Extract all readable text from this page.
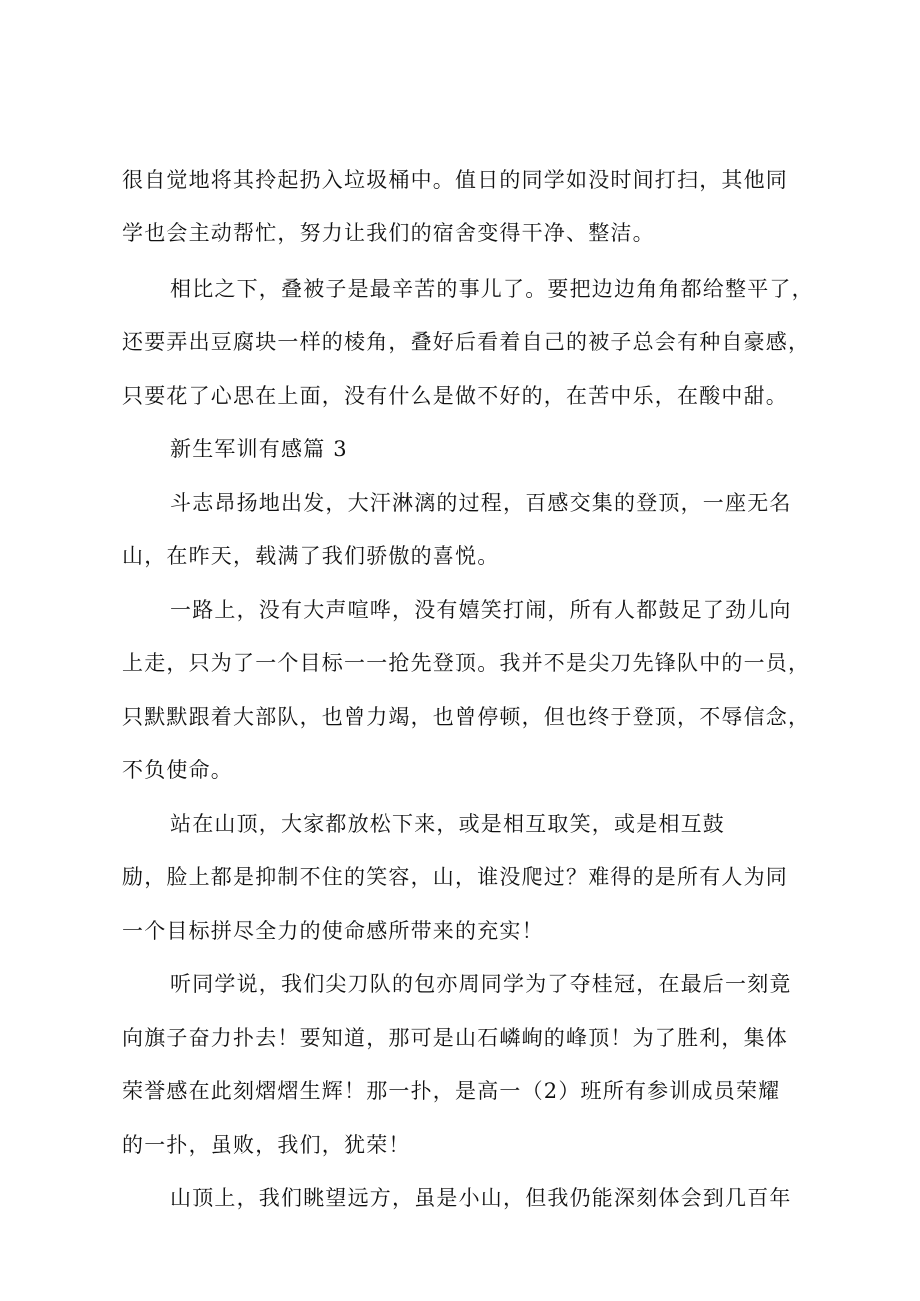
很自觉地将其拎起扔入垃圾桶中。值日的同学如没时间打扫，其他同
学也会主动帮忙，努力让我们的宿舍变得干净、整洁。
相比之下，叠被子是最辛苦的事儿了。要把边边角角都给整平了，
还要弄出豆腐块一样的棱角，叠好后看着自己的被子总会有种自豪感，
只要花了心思在上面，没有什么是做不好的，在苦中乐，在酸中甜。
新生军训有感篇 3
斗志昂扬地出发，大汗淋漓的过程，百感交集的登顶，一座无名
山，在昨天，载满了我们骄傲的喜悦。
一路上，没有大声喧哗，没有嬉笑打闹，所有人都鼓足了劲儿向
上走，只为了一个目标一一抢先登顶。我并不是尖刀先锋队中的一员，
只默默跟着大部队，也曾力竭，也曾停顿，但也终于登顶，不辱信念，
不负使命。
站在山顶，大家都放松下来，或是相互取笑，或是相互鼓
励，脸上都是抑制不住的笑容，山，谁没爬过？难得的是所有人为同
一个目标拼尽全力的使命感所带来的充实！
听同学说，我们尖刀队的包亦周同学为了夺桂冠，在最后一刻竟
向旗子奋力扑去！要知道，那可是山石嶙峋的峰顶！为了胜利，集体
荣誉感在此刻熠熠生辉！那一扑，是高一（2）班所有参训成员荣耀
的一扑，虽败，我们，犹荣！
山顶上，我们眺望远方，虽是小山，但我仍能深刻体会到几百年
